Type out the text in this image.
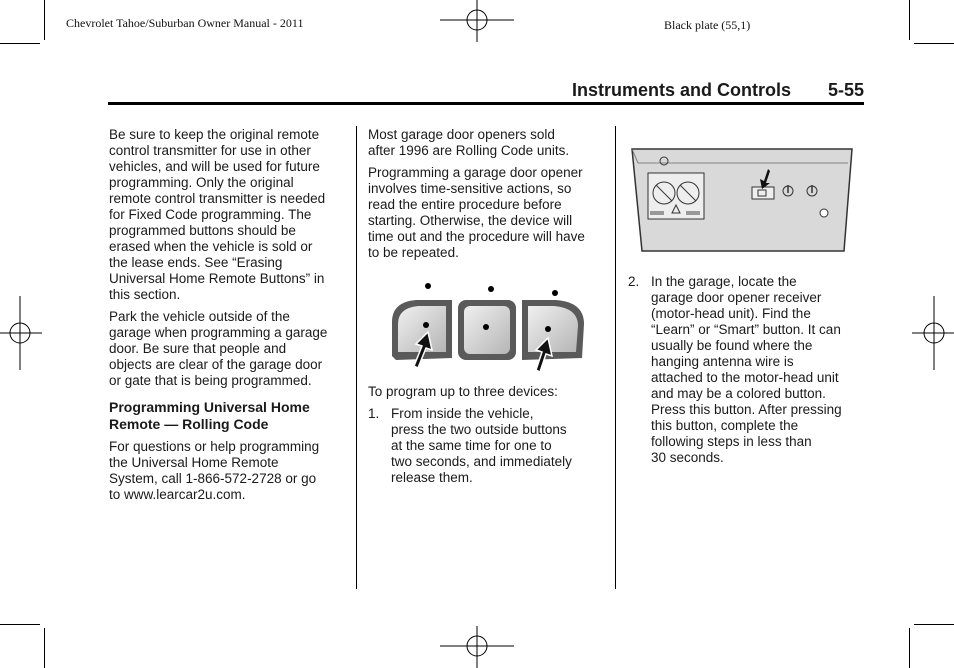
Chevrolet Tahoe/Suburban Owner Manual - 2011	Black plate (55,1)
Instruments and Controls 5-55

Be sure to keep the original remote
control transmitter for use in other
vehicles, and will be used for future
programming. Only the original
remote control transmitter is needed
for Fixed Code programming. The
programmed buttons should be
erased when the vehicle is sold or
the lease ends. See “Erasing
Universal Home Remote Buttons” in
this section.

Park the vehicle outside of the
garage when programming a garage
door. Be sure that people and
objects are clear of the garage door
or gate that is being programmed.

Programming Universal Home
Remote — Rolling Code

For questions or help programming
the Universal Home Remote
System, call 1-866-572-2728 or go
to www.learcar2u.com.

Most garage door openers sold
after 1996 are Rolling Code units.

Programming a garage door opener
involves time-sensitive actions, so
read the entire procedure before
starting. Otherwise, the device will
time out and the procedure will have
to be repeated.

To program up to three devices:

1. From inside the vehicle,
press the two outside buttons
at the same time for one to
two seconds, and immediately
release them.
2. In the garage, locate the
garage door opener receiver
(motor-head unit). Find the
“Learn” or “Smart” button. It can
usually be found where the
hanging antenna wire is
attached to the motor-head unit
and may be a colored button.
Press this button. After pressing
this button, complete the
following steps in less than
30 seconds.
